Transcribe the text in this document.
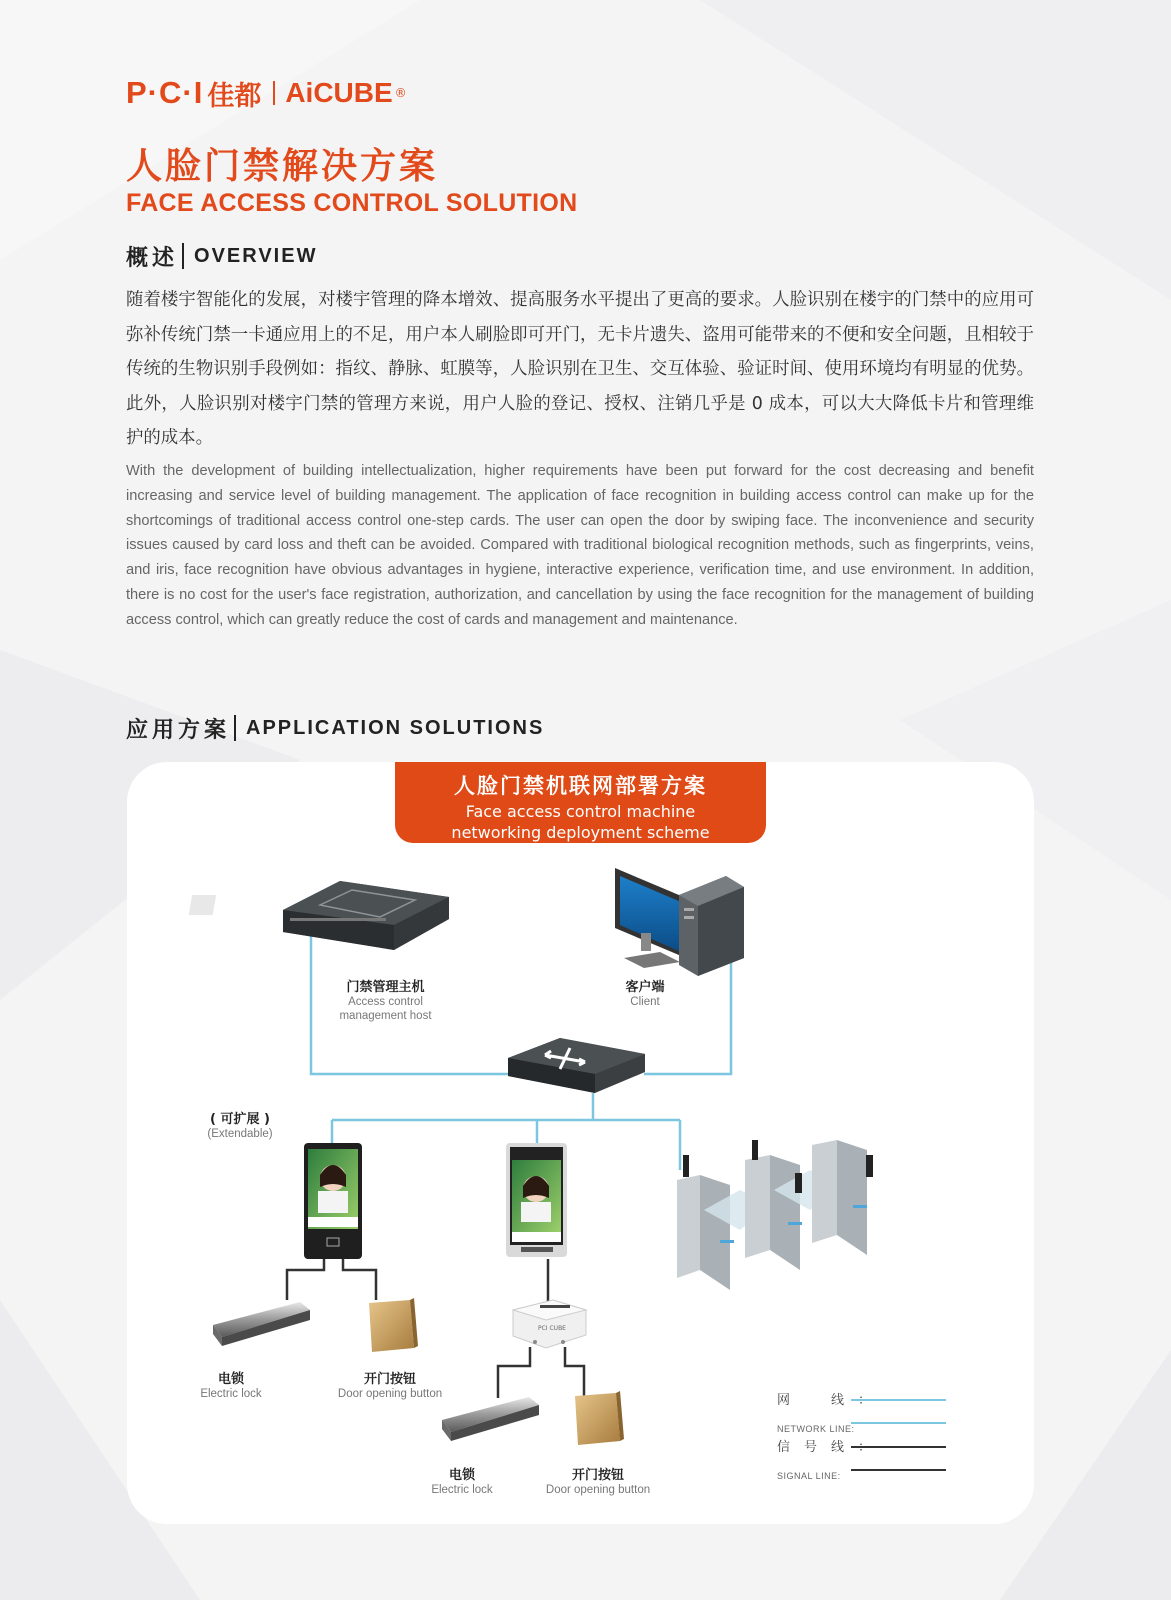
P·C·I 佳都 AiCUBE ®
人脸门禁解决方案
FACE ACCESS CONTROL SOLUTION
概述 OVERVIEW
随着楼宇智能化的发展，对楼宇管理的降本增效、提高服务水平提出了更高的要求。人脸识别在楼宇的门禁中的应用可弥补传统门禁一卡通应用上的不足，用户本人刷脸即可开门，无卡片遗失、盗用可能带来的不便和安全问题，且相较于传统的生物识别手段例如：指纹、静脉、虹膜等，人脸识别在卫生、交互体验、验证时间、使用环境均有明显的优势。此外，人脸识别对楼宇门禁的管理方来说，用户人脸的登记、授权、注销几乎是 0 成本，可以大大降低卡片和管理维护的成本。
With the development of building intellectualization, higher requirements have been put forward for the cost decreasing and benefit increasing and service level of building management. The application of face recognition in building access control can make up for the shortcomings of traditional access control one-step cards. The user can open the door by swiping face. The inconvenience and security issues caused by card loss and theft can be avoided. Compared with traditional biological recognition methods, such as fingerprints, veins, and iris, face recognition have obvious advantages in hygiene, interactive experience, verification time, and use environment. In addition, there is no cost for the user's face registration, authorization, and cancellation by using the face recognition for the management of building access control, which can greatly reduce the cost of cards and management and maintenance.
应用方案 APPLICATION SOLUTIONS
人脸门禁机联网部署方案
Face access control machine
networking deployment scheme
PCI CUBE
门禁管理主机
Access control
management host
客户端
Client
( 可扩展 )
(Extendable)
电锁
Electric lock
开门按钮
Door opening button
电锁
Electric lock
开门按钮
Door opening button
网　线：
NETWORK LINE:
信号线：
SIGNAL LINE:
